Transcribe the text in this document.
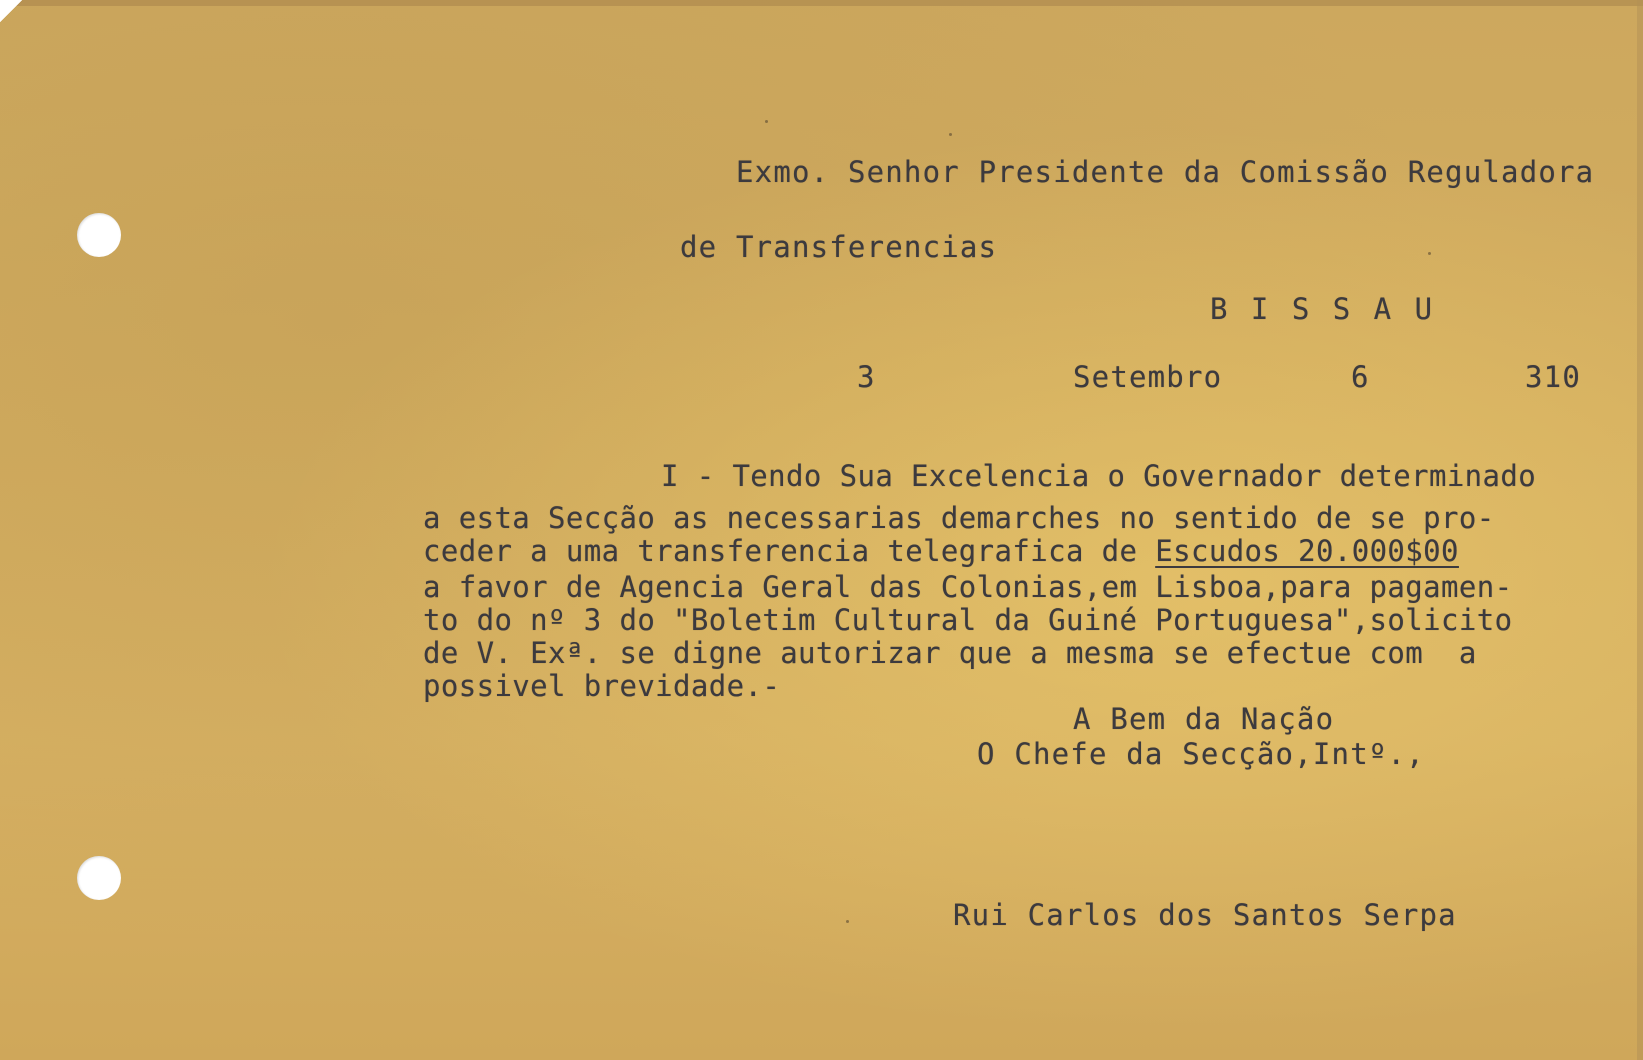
Exmo. Senhor Presidente da Comissão Reguladora

de Transferencias

B I S S A U

3	Setembro	6	310

I - Tendo Sua Excelencia o Governador determinado

a esta Secção as necessarias demarches no sentido de se pro-

ceder a uma transferencia telegrafica de Escudos 20.000$00

a favor de Agencia Geral das Colonias,em Lisboa,para pagamen-

to do nº 3 do "Boletim Cultural da Guiné Portuguesa",solicito

de V. Exª. se digne autorizar que a mesma se efectue com  a

possivel brevidade.-

A Bem da Nação

O Chefe da Secção,Intº.,

Rui Carlos dos Santos Serpa
